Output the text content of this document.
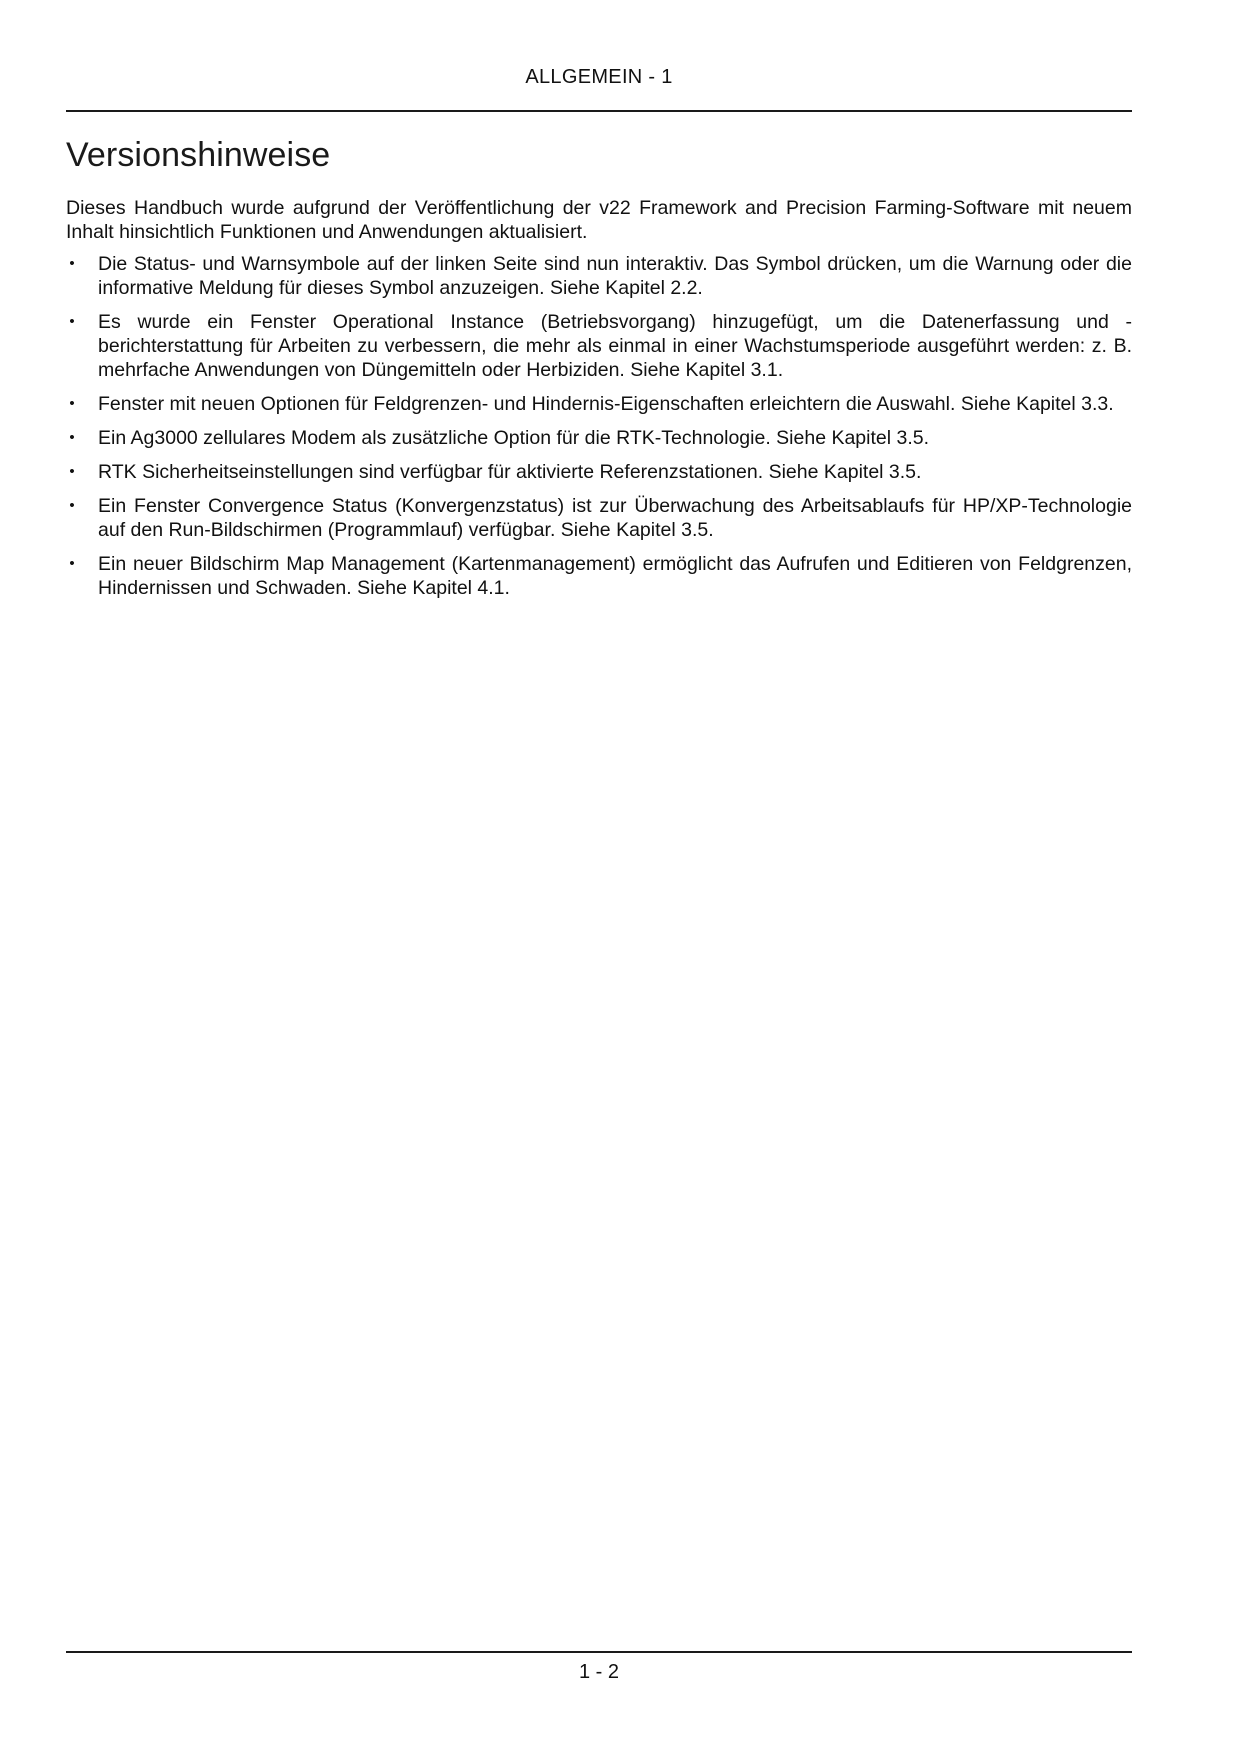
ALLGEMEIN - 1
Versionshinweise

Dieses Handbuch wurde aufgrund der Veröffentlichung der v22 Framework and Precision Farming-Software mit neuem Inhalt hinsichtlich Funktionen und Anwendungen aktualisiert.

• Die Status- und Warnsymbole auf der linken Seite sind nun interaktiv. Das Symbol drücken, um die Warnung oder die informative Meldung für dieses Symbol anzuzeigen. Siehe Kapitel 2.2.
• Es wurde ein Fenster Operational Instance (Betriebsvorgang) hinzugefügt, um die Datenerfassung und -berichterstattung für Arbeiten zu verbessern, die mehr als einmal in einer Wachstumsperiode ausgeführt werden: z. B. mehrfache Anwendungen von Düngemitteln oder Herbiziden. Siehe Kapitel 3.1.
• Fenster mit neuen Optionen für Feldgrenzen- und Hindernis-Eigenschaften erleichtern die Auswahl. Siehe Kapitel 3.3.
• Ein Ag3000 zellulares Modem als zusätzliche Option für die RTK-Technologie. Siehe Kapitel 3.5.
• RTK Sicherheitseinstellungen sind verfügbar für aktivierte Referenzstationen. Siehe Kapitel 3.5.
• Ein Fenster Convergence Status (Konvergenzstatus) ist zur Überwachung des Arbeitsablaufs für HP/XP-Technologie auf den Run-Bildschirmen (Programmlauf) verfügbar. Siehe Kapitel 3.5.
• Ein neuer Bildschirm Map Management (Kartenmanagement) ermöglicht das Aufrufen und Editieren von Feldgrenzen, Hindernissen und Schwaden. Siehe Kapitel 4.1.
1 - 2
